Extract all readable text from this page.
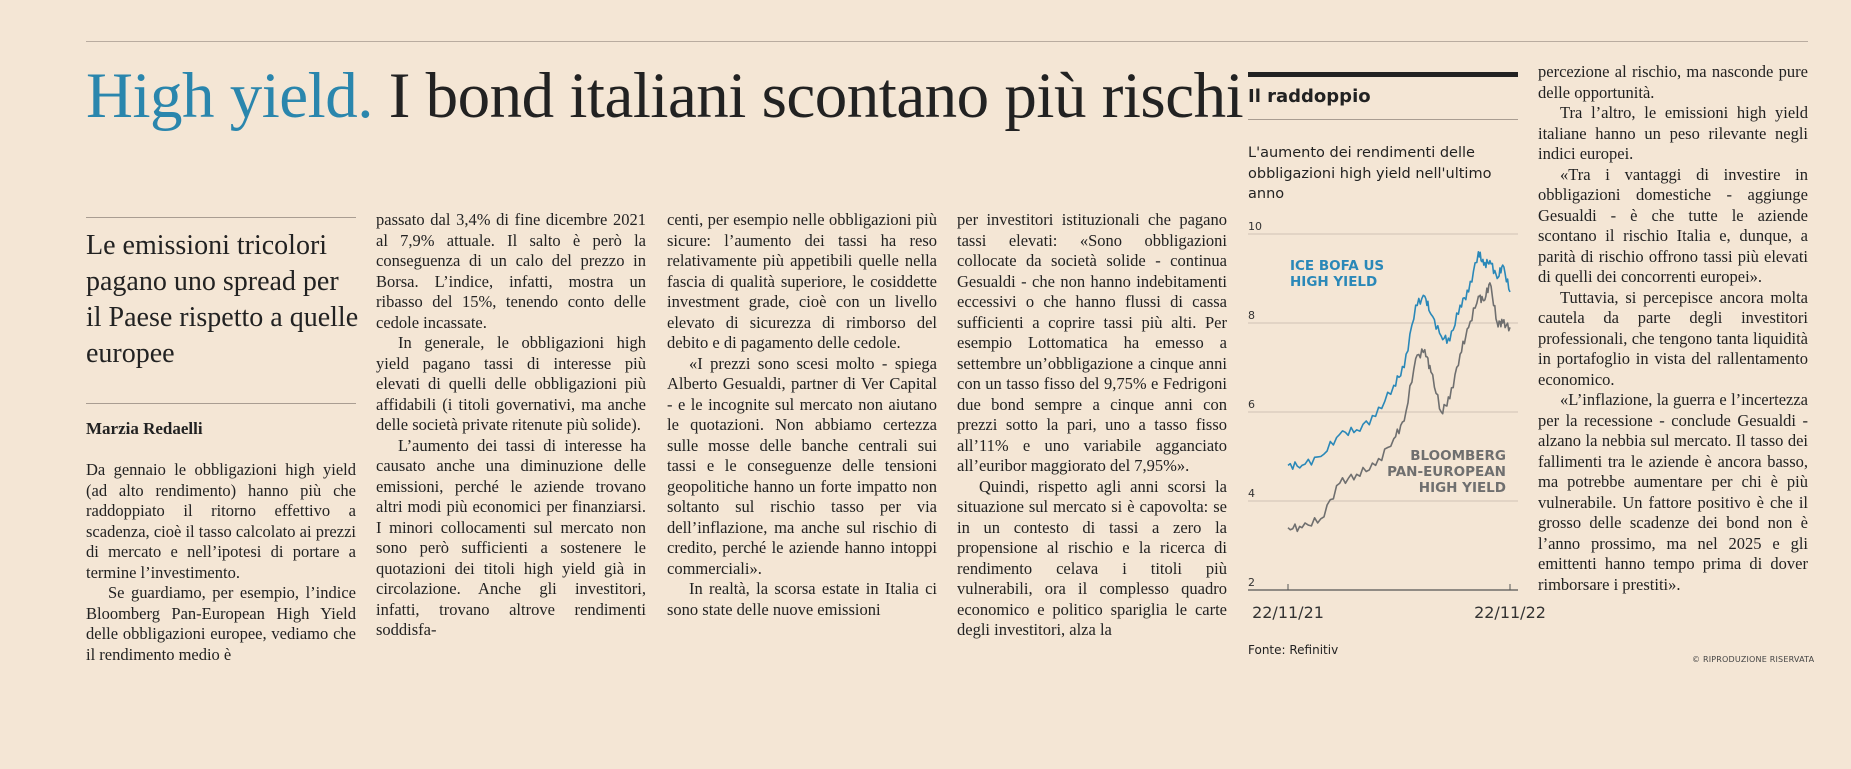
High yield. I bond italiani scontano più rischi
Le emissioni tricolori pagano uno spread per il Paese rispetto a quelle europee

Marzia Redaelli

Da gennaio le obbligazioni high yield (ad alto rendimento) hanno più che raddoppiato il ritorno effettivo a scadenza, cioè il tasso calcolato ai prezzi di mercato e nell’ipotesi di portare a termine l’investimento.

Se guardiamo, per esempio, l’indice Bloomberg Pan-European High Yield delle obbligazioni europee, vediamo che il rendimento medio è

passato dal 3,4% di fine dicembre 2021 al 7,9% attuale. Il salto è però la conseguenza di un calo del prezzo in Borsa. L’indice, infatti, mostra un ribasso del 15%, tenendo conto delle cedole incassate.

In generale, le obbligazioni high yield pagano tassi di interesse più elevati di quelli delle obbligazioni più affidabili (i titoli governativi, ma anche delle società private ritenute più solide).

L’aumento dei tassi di interesse ha causato anche una diminuzione delle emissioni, perché le aziende trovano altri modi più economici per finanziarsi. I minori collocamenti sul mercato non sono però sufficienti a sostenere le quotazioni dei titoli high yield già in circolazione. Anche gli investitori, infatti, trovano altrove rendimenti soddisfa-

centi, per esempio nelle obbligazioni più sicure: l’aumento dei tassi ha reso relativamente più appetibili quelle nella fascia di qualità superiore, le cosiddette investment grade, cioè con un livello elevato di sicurezza di rimborso del debito e di pagamento delle cedole.

«I prezzi sono scesi molto - spiega Alberto Gesualdi, partner di Ver Capital - e le incognite sul mercato non aiutano le quotazioni. Non abbiamo certezza sulle mosse delle banche centrali sui tassi e le conseguenze delle tensioni geopolitiche hanno un forte impatto non soltanto sul rischio tasso per via dell’inflazione, ma anche sul rischio di credito, perché le aziende hanno intoppi commerciali».

In realtà, la scorsa estate in Italia ci sono state delle nuove emissioni

per investitori istituzionali che pagano tassi elevati: «Sono obbligazioni collocate da società solide - continua Gesualdi - che non hanno indebitamenti eccessivi o che hanno flussi di cassa sufficienti a coprire tassi più alti. Per esempio Lottomatica ha emesso a settembre un’obbligazione a cinque anni con un tasso fisso del 9,75% e Fedrigoni due bond sempre a cinque anni con prezzi sotto la pari, uno a tasso fisso all’11% e uno variabile agganciato all’euribor maggiorato del 7,95%».

Quindi, rispetto agli anni scorsi la situazione sul mercato si è capovolta: se in un contesto di tassi a zero la propensione al rischio e la ricerca di rendimento celava i titoli più vulnerabili, ora il complesso quadro economico e politico spariglia le carte degli investitori, alza la

percezione al rischio, ma nasconde pure delle opportunità.

Tra l’altro, le emissioni high yield italiane hanno un peso rilevante negli indici europei.

«Tra i vantaggi di investire in obbligazioni domestiche - aggiunge Gesualdi - è che tutte le aziende scontano il rischio Italia e, dunque, a parità di rischio offrono tassi più elevati di quelli dei concorrenti europei».

Tuttavia, si percepisce ancora molta cautela da parte degli investitori professionali, che tengono tanta liquidità in portafoglio in vista del rallentamento economico.

«L’inflazione, la guerra e l’incertezza per la recessione - conclude Gesualdi - alzano la nebbia sul mercato. Il tasso dei fallimenti tra le aziende è ancora basso, ma potrebbe aumentare per chi è più vulnerabile. Un fattore positivo è che il grosso delle scadenze dei bond non è l’anno prossimo, ma nel 2025 e gli emittenti hanno tempo prima di dover rimborsare i prestiti».

Il raddoppio

L'aumento dei rendimenti delle obbligazioni high yield nell'ultimo anno

2
4
6
8
10
22/11/21	22/11/22
ICE BOFA US
HIGH YIELD
BLOOMBERG
PAN-EUROPEAN
HIGH YIELD

Fonte: Refinitiv

© RIPRODUZIONE RISERVATA
